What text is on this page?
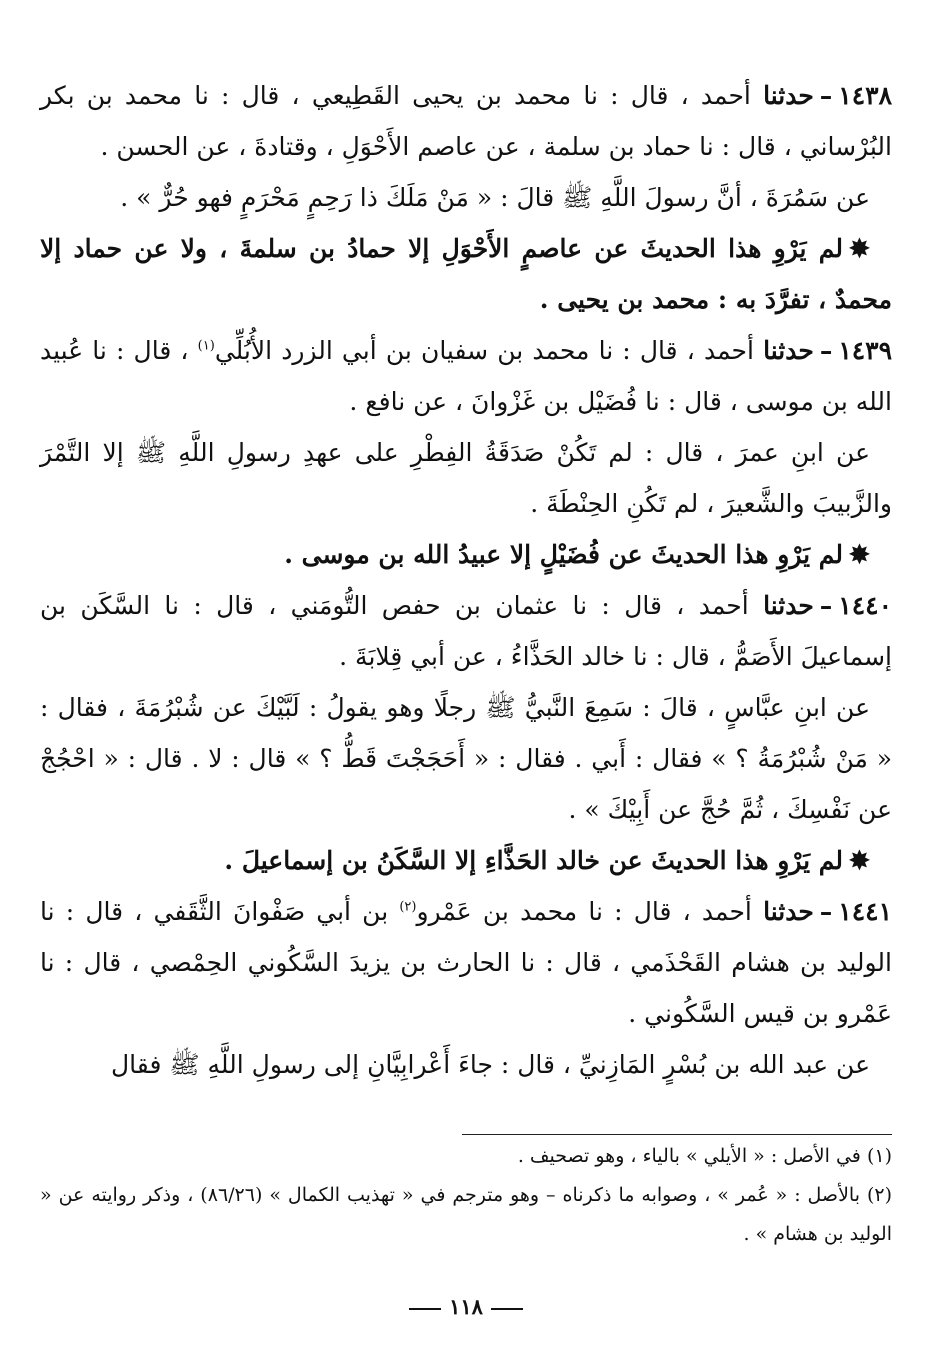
١٤٣٨–حدثنا أحمد ، قال : نا محمد بن يحيى القَطِيعي ، قال : نا محمد بن بكر البُرْساني ، قال : نا حماد بن سلمة ، عن عاصم الأَحْوَلِ ، وقتادةَ ، عن الحسن .

عن سَمُرَةَ ، أنَّ رسولَ اللَّهِ ﷺ قالَ : « مَنْ مَلَكَ ذا رَحِمٍ مَحْرَمٍ فهو حُرٌّ » .

✸لم يَرْوِ هذا الحديثَ عن عاصمٍ الأَحْوَلِ إلا حمادُ بن سلمةَ ، ولا عن حماد إلا محمدٌ ، تفرَّدَ به : محمد بن يحيى .

١٤٣٩–حدثنا أحمد ، قال : نا محمد بن سفيان بن أبي الزرد الأُبُلِّي$^{(١)}$ ، قال : نا عُبيد الله بن موسى ، قال : نا فُضَيْل بن غَزْوانَ ، عن نافع .

عن ابنِ عمرَ ، قال : لم تَكُنْ صَدَقَةُ الفِطْرِ على عهدِ رسولِ اللَّهِ ﷺ إلا التَّمْرَ والزَّبيبَ والشَّعيرَ ، لم تَكُنِ الحِنْطَةَ .

✸لم يَرْوِ هذا الحديثَ عن فُضَيْلٍ إلا عبيدُ الله بن موسى .

١٤٤٠–حدثنا أحمد ، قال : نا عثمان بن حفص التُّومَني ، قال : نا السَّكَن بن إسماعيلَ الأَصَمُّ ، قال : نا خالد الحَذَّاءُ ، عن أبي قِلابَةَ .

عن ابنِ عبَّاسٍ ، قالَ : سَمِعَ النَّبيُّ ﷺ رجلًا وهو يقولُ : لَبَّيْكَ عن شُبْرُمَةَ ، فقال : « مَنْ شُبْرُمَةُ ؟ » فقال : أَبي . فقال : « أَحَجَجْتَ قَطُّ ؟ » قال : لا . قال : « احْجُجْ عن نَفْسِكَ ، ثُمَّ حُجَّ عن أَبِيْكَ » .

✸لم يَرْوِ هذا الحديثَ عن خالد الحَذَّاءِ إلا السَّكَنُ بن إسماعيلَ .

١٤٤١–حدثنا أحمد ، قال : نا محمد بن عَمْرو$^{(٢)}$ بن أبي صَفْوانَ الثَّقَفي ، قال : نا الوليد بن هشام القَحْذَمي ، قال : نا الحارث بن يزيدَ السَّكُوني الحِمْصي ، قال : نا عَمْرو بن قيس السَّكُوني .

عن عبد الله بن بُسْرٍ المَازِنيِّ ، قال : جاءَ أَعْرابِيَّانِ إلى رسولِ اللَّهِ ﷺ فقال

(١) في الأصل : « الأيلي » بالياء ، وهو تصحيف .

(٢) بالأصل : « عُمر » ، وصوابه ما ذكرناه – وهو مترجم في « تهذيب الكمال » (٨٦/٢٦) ، وذكر روايته عن « الوليد بن هشام » .

١١٨
